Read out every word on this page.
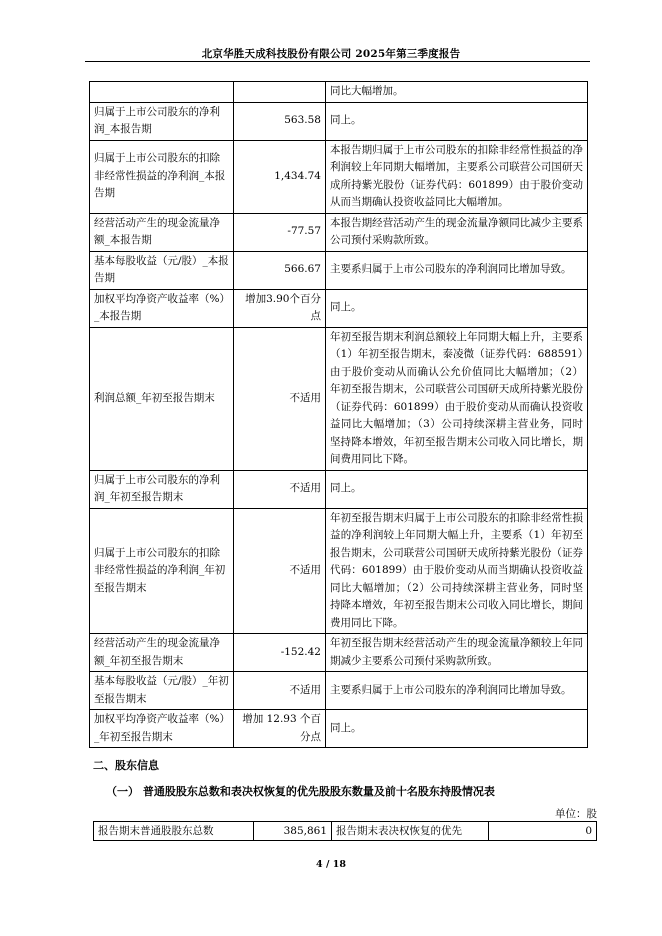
北京华胜天成科技股份有限公司 2025年第三季度报告
		同比大幅增加。
归属于上市公司股东的净利润_本报告期	563.58	同上。
归属于上市公司股东的扣除非经常性损益的净利润_本报告期	1,434.74	本报告期归属于上市公司股东的扣除非经常性损益的净利润较上年同期大幅增加，主要系公司联营公司国研天成所持紫光股份（证券代码：601899）由于股价变动从而当期确认投资收益同比大幅增加。
经营活动产生的现金流量净额_本报告期	-77.57	本报告期经营活动产生的现金流量净额同比减少主要系公司预付采购款所致。
基本每股收益（元/股）_本报告期	566.67	主要系归属于上市公司股东的净利润同比增加导致。
加权平均净资产收益率（%）_本报告期	增加3.90个百分点	同上。
利润总额_年初至报告期末	不适用	年初至报告期末利润总额较上年同期大幅上升，主要系（1）年初至报告期末，泰凌微（证券代码：688591）由于股价变动从而确认公允价值同比大幅增加；（2）年初至报告期末，公司联营公司国研天成所持紫光股份（证券代码：601899）由于股价变动从而确认投资收益同比大幅增加；（3）公司持续深耕主营业务，同时坚持降本增效，年初至报告期末公司收入同比增长，期间费用同比下降。
归属于上市公司股东的净利润_年初至报告期末	不适用	同上。
归属于上市公司股东的扣除非经常性损益的净利润_年初至报告期末	不适用	年初至报告期末归属于上市公司股东的扣除非经常性损益的净利润较上年同期大幅上升，主要系（1）年初至报告期末，公司联营公司国研天成所持紫光股份（证券代码：601899）由于股价变动从而当期确认投资收益同比大幅增加；（2）公司持续深耕主营业务，同时坚持降本增效，年初至报告期末公司收入同比增长，期间费用同比下降。
经营活动产生的现金流量净额_年初至报告期末	-152.42	年初至报告期末经营活动产生的现金流量净额较上年同期减少主要系公司预付采购款所致。
基本每股收益（元/股）_年初至报告期末	不适用	主要系归属于上市公司股东的净利润同比增加导致。
加权平均净资产收益率（%）_年初至报告期末	增加 12.93 个百分点	同上。
二、股东信息
（一） 普通股股东总数和表决权恢复的优先股股东数量及前十名股东持股情况表
单位：股
报告期末普通股股东总数	385,861	报告期末表决权恢复的优先	0
4 / 18
